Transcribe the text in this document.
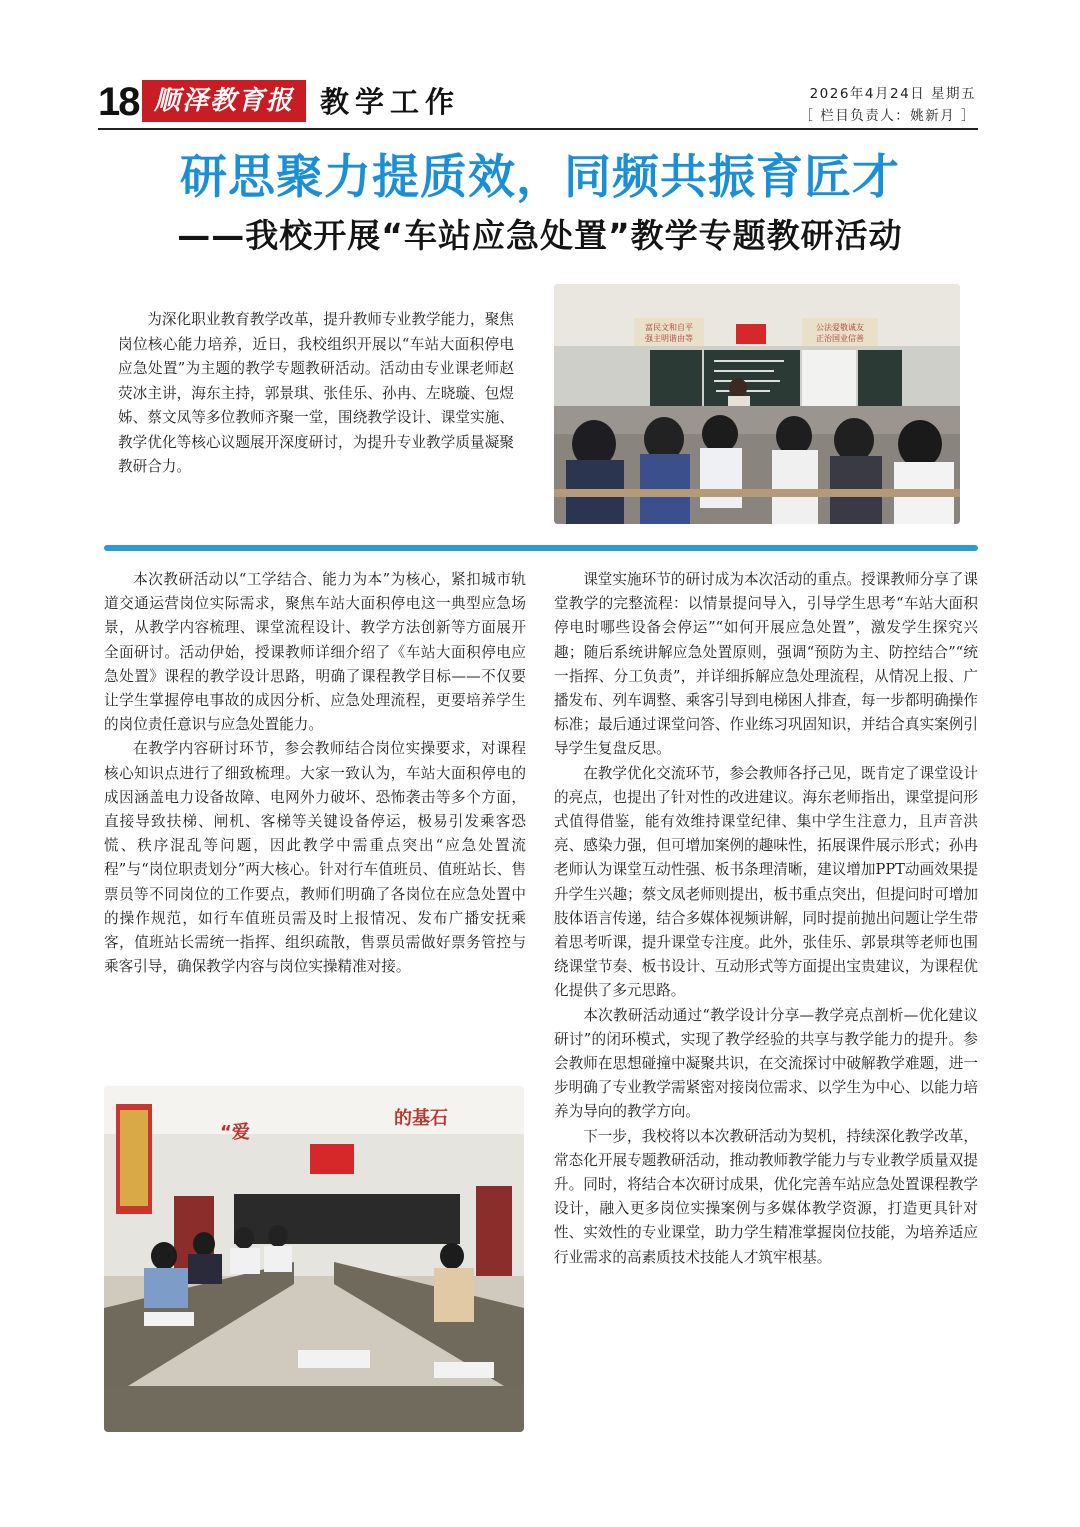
18 顺泽教育报 教学工作	2026年4月24日 星期五
［ 栏目负责人：姚新月 ］
研思聚力提质效，同频共振育匠才
——我校开展“车站应急处置”教学专题教研活动

为深化职业教育教学改革，提升教师专业教学能力，聚焦岗位核心能力培养，近日，我校组织开展以“车站大面积停电应急处置”为主题的教学专题教研活动。活动由专业课老师赵荧冰主讲，海东主持，郭景琪、张佳乐、孙冉、左晓璇、包煜姊、蔡文凤等多位教师齐聚一堂，围绕教学设计、课堂实施、教学优化等核心议题展开深度研讨，为提升专业教学质量凝聚教研合力。

富民文和自平
强主明谐由等
公法爱敬诚友
正治国业信善

本次教研活动以“工学结合、能力为本”为核心，紧扣城市轨道交通运营岗位实际需求，聚焦车站大面积停电这一典型应急场景，从教学内容梳理、课堂流程设计、教学方法创新等方面展开全面研讨。活动伊始，授课教师详细介绍了《车站大面积停电应急处置》课程的教学设计思路，明确了课程教学目标——不仅要让学生掌握停电事故的成因分析、应急处理流程，更要培养学生的岗位责任意识与应急处置能力。

在教学内容研讨环节，参会教师结合岗位实操要求，对课程核心知识点进行了细致梳理。大家一致认为，车站大面积停电的成因涵盖电力设备故障、电网外力破坏、恐怖袭击等多个方面，直接导致扶梯、闸机、客梯等关键设备停运，极易引发乘客恐慌、秩序混乱等问题，因此教学中需重点突出“应急处置流程”与“岗位职责划分”两大核心。针对行车值班员、值班站长、售票员等不同岗位的工作要点，教师们明确了各岗位在应急处置中的操作规范，如行车值班员需及时上报情况、发布广播安抚乘客，值班站长需统一指挥、组织疏散，售票员需做好票务管控与乘客引导，确保教学内容与岗位实操精准对接。

“爱
的基石

课堂实施环节的研讨成为本次活动的重点。授课教师分享了课堂教学的完整流程：以情景提问导入，引导学生思考“车站大面积停电时哪些设备会停运”“如何开展应急处置”，激发学生探究兴趣；随后系统讲解应急处置原则，强调“预防为主、防控结合”“统一指挥、分工负责”，并详细拆解应急处理流程，从情况上报、广播发布、列车调整、乘客引导到电梯困人排查，每一步都明确操作标准；最后通过课堂问答、作业练习巩固知识，并结合真实案例引导学生复盘反思。

在教学优化交流环节，参会教师各抒己见，既肯定了课堂设计的亮点，也提出了针对性的改进建议。海东老师指出，课堂提问形式值得借鉴，能有效维持课堂纪律、集中学生注意力，且声音洪亮、感染力强，但可增加案例的趣味性，拓展课件展示形式；孙冉老师认为课堂互动性强、板书条理清晰，建议增加PPT动画效果提升学生兴趣；蔡文凤老师则提出，板书重点突出，但提问时可增加肢体语言传递，结合多媒体视频讲解，同时提前抛出问题让学生带着思考听课，提升课堂专注度。此外，张佳乐、郭景琪等老师也围绕课堂节奏、板书设计、互动形式等方面提出宝贵建议，为课程优化提供了多元思路。

本次教研活动通过“教学设计分享—教学亮点剖析—优化建议研讨”的闭环模式，实现了教学经验的共享与教学能力的提升。参会教师在思想碰撞中凝聚共识，在交流探讨中破解教学难题，进一步明确了专业教学需紧密对接岗位需求、以学生为中心、以能力培养为导向的教学方向。

下一步，我校将以本次教研活动为契机，持续深化教学改革，常态化开展专题教研活动，推动教师教学能力与专业教学质量双提升。同时，将结合本次研讨成果，优化完善车站应急处置课程教学设计，融入更多岗位实操案例与多媒体教学资源，打造更具针对性、实效性的专业课堂，助力学生精准掌握岗位技能，为培养适应行业需求的高素质技术技能人才筑牢根基。
